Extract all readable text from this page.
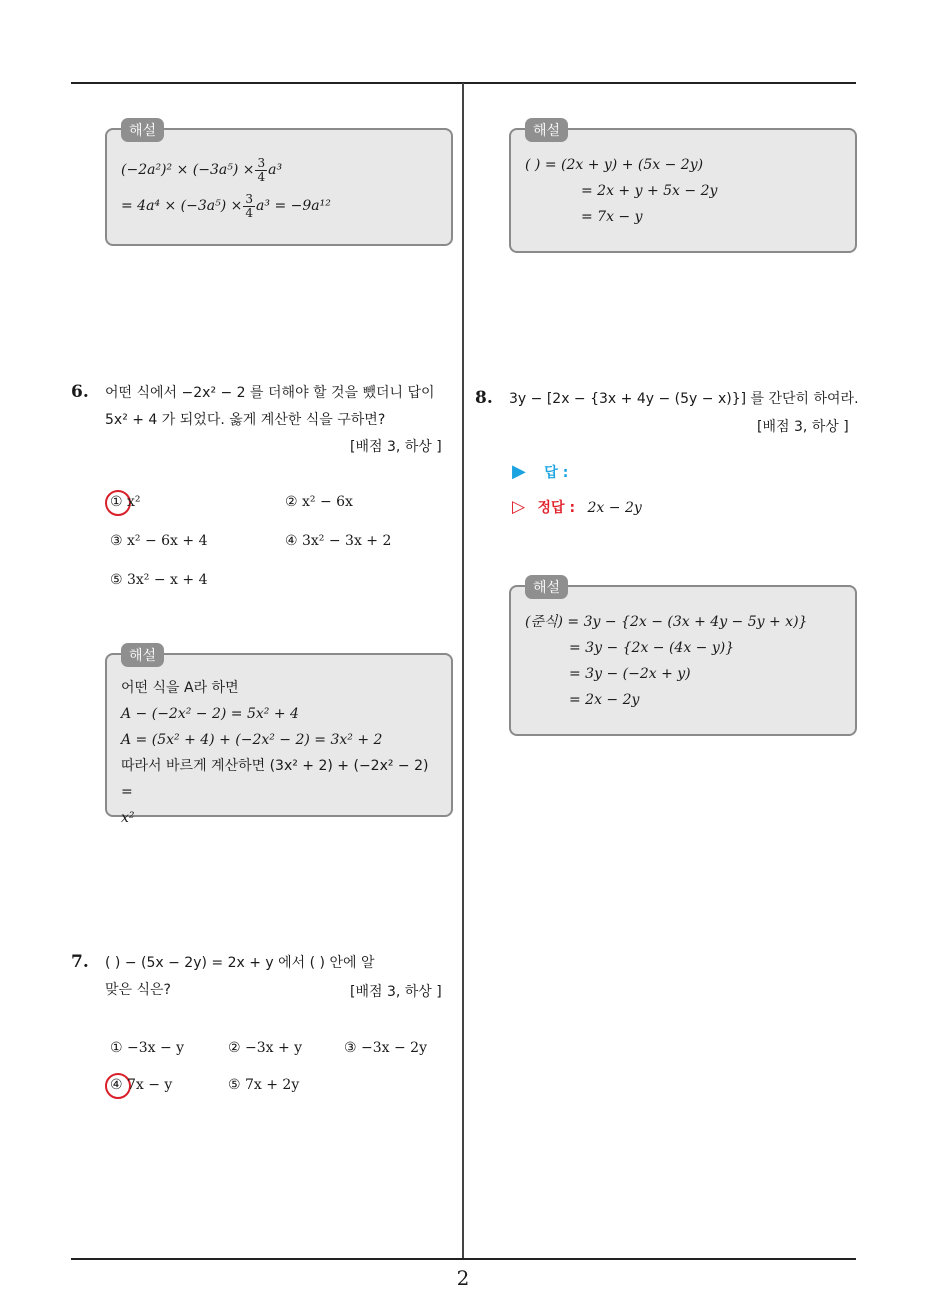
2
해설
$(-2a^2)^2 \times (-3a^5) \times \frac{3}{4} a^3$
= $4a^4 \times (-3a^5) \times \frac{3}{4} a^3 = -9a^{12}$
해설
( ) = (2x + y) + (5x − 2y)
= 2x + y + 5x − 2y
= 7x − y
6. 어떤 식에서 −2x² − 2 를 더해야 할 것을 뺐더니 답이
5x² + 4 가 되었다. 옳게 계산한 식을 구하면?
[배점 3, 하상 ]
① x²	② x² − 6x
③ x² − 6x + 4	④ 3x² − 3x + 2
⑤ 3x² − x + 4
해설
어떤 식을 A라 하면
A − (−2x² − 2) = 5x² + 4
A = (5x² + 4) + (−2x² − 2) = 3x² + 2
따라서 바르게 계산하면 (3x² + 2) + (−2x² − 2) =
x²
7. ( ) − (5x − 2y) = 2x + y 에서 ( ) 안에 알
맞은 식은?	[배점 3, 하상 ]
① −3x − y	② −3x + y	③ −3x − 2y
④ 7x − y	⑤ 7x + 2y
8. 3y − [2x − {3x + 4y − (5y − x)}] 를 간단히 하여라.
[배점 3, 하상 ]
▶ 답 :
▷ 정답 : 2x − 2y
해설
(준식) = 3y − {2x − (3x + 4y − 5y + x)}
= 3y − {2x − (4x − y)}
= 3y − (−2x + y)
= 2x − 2y
